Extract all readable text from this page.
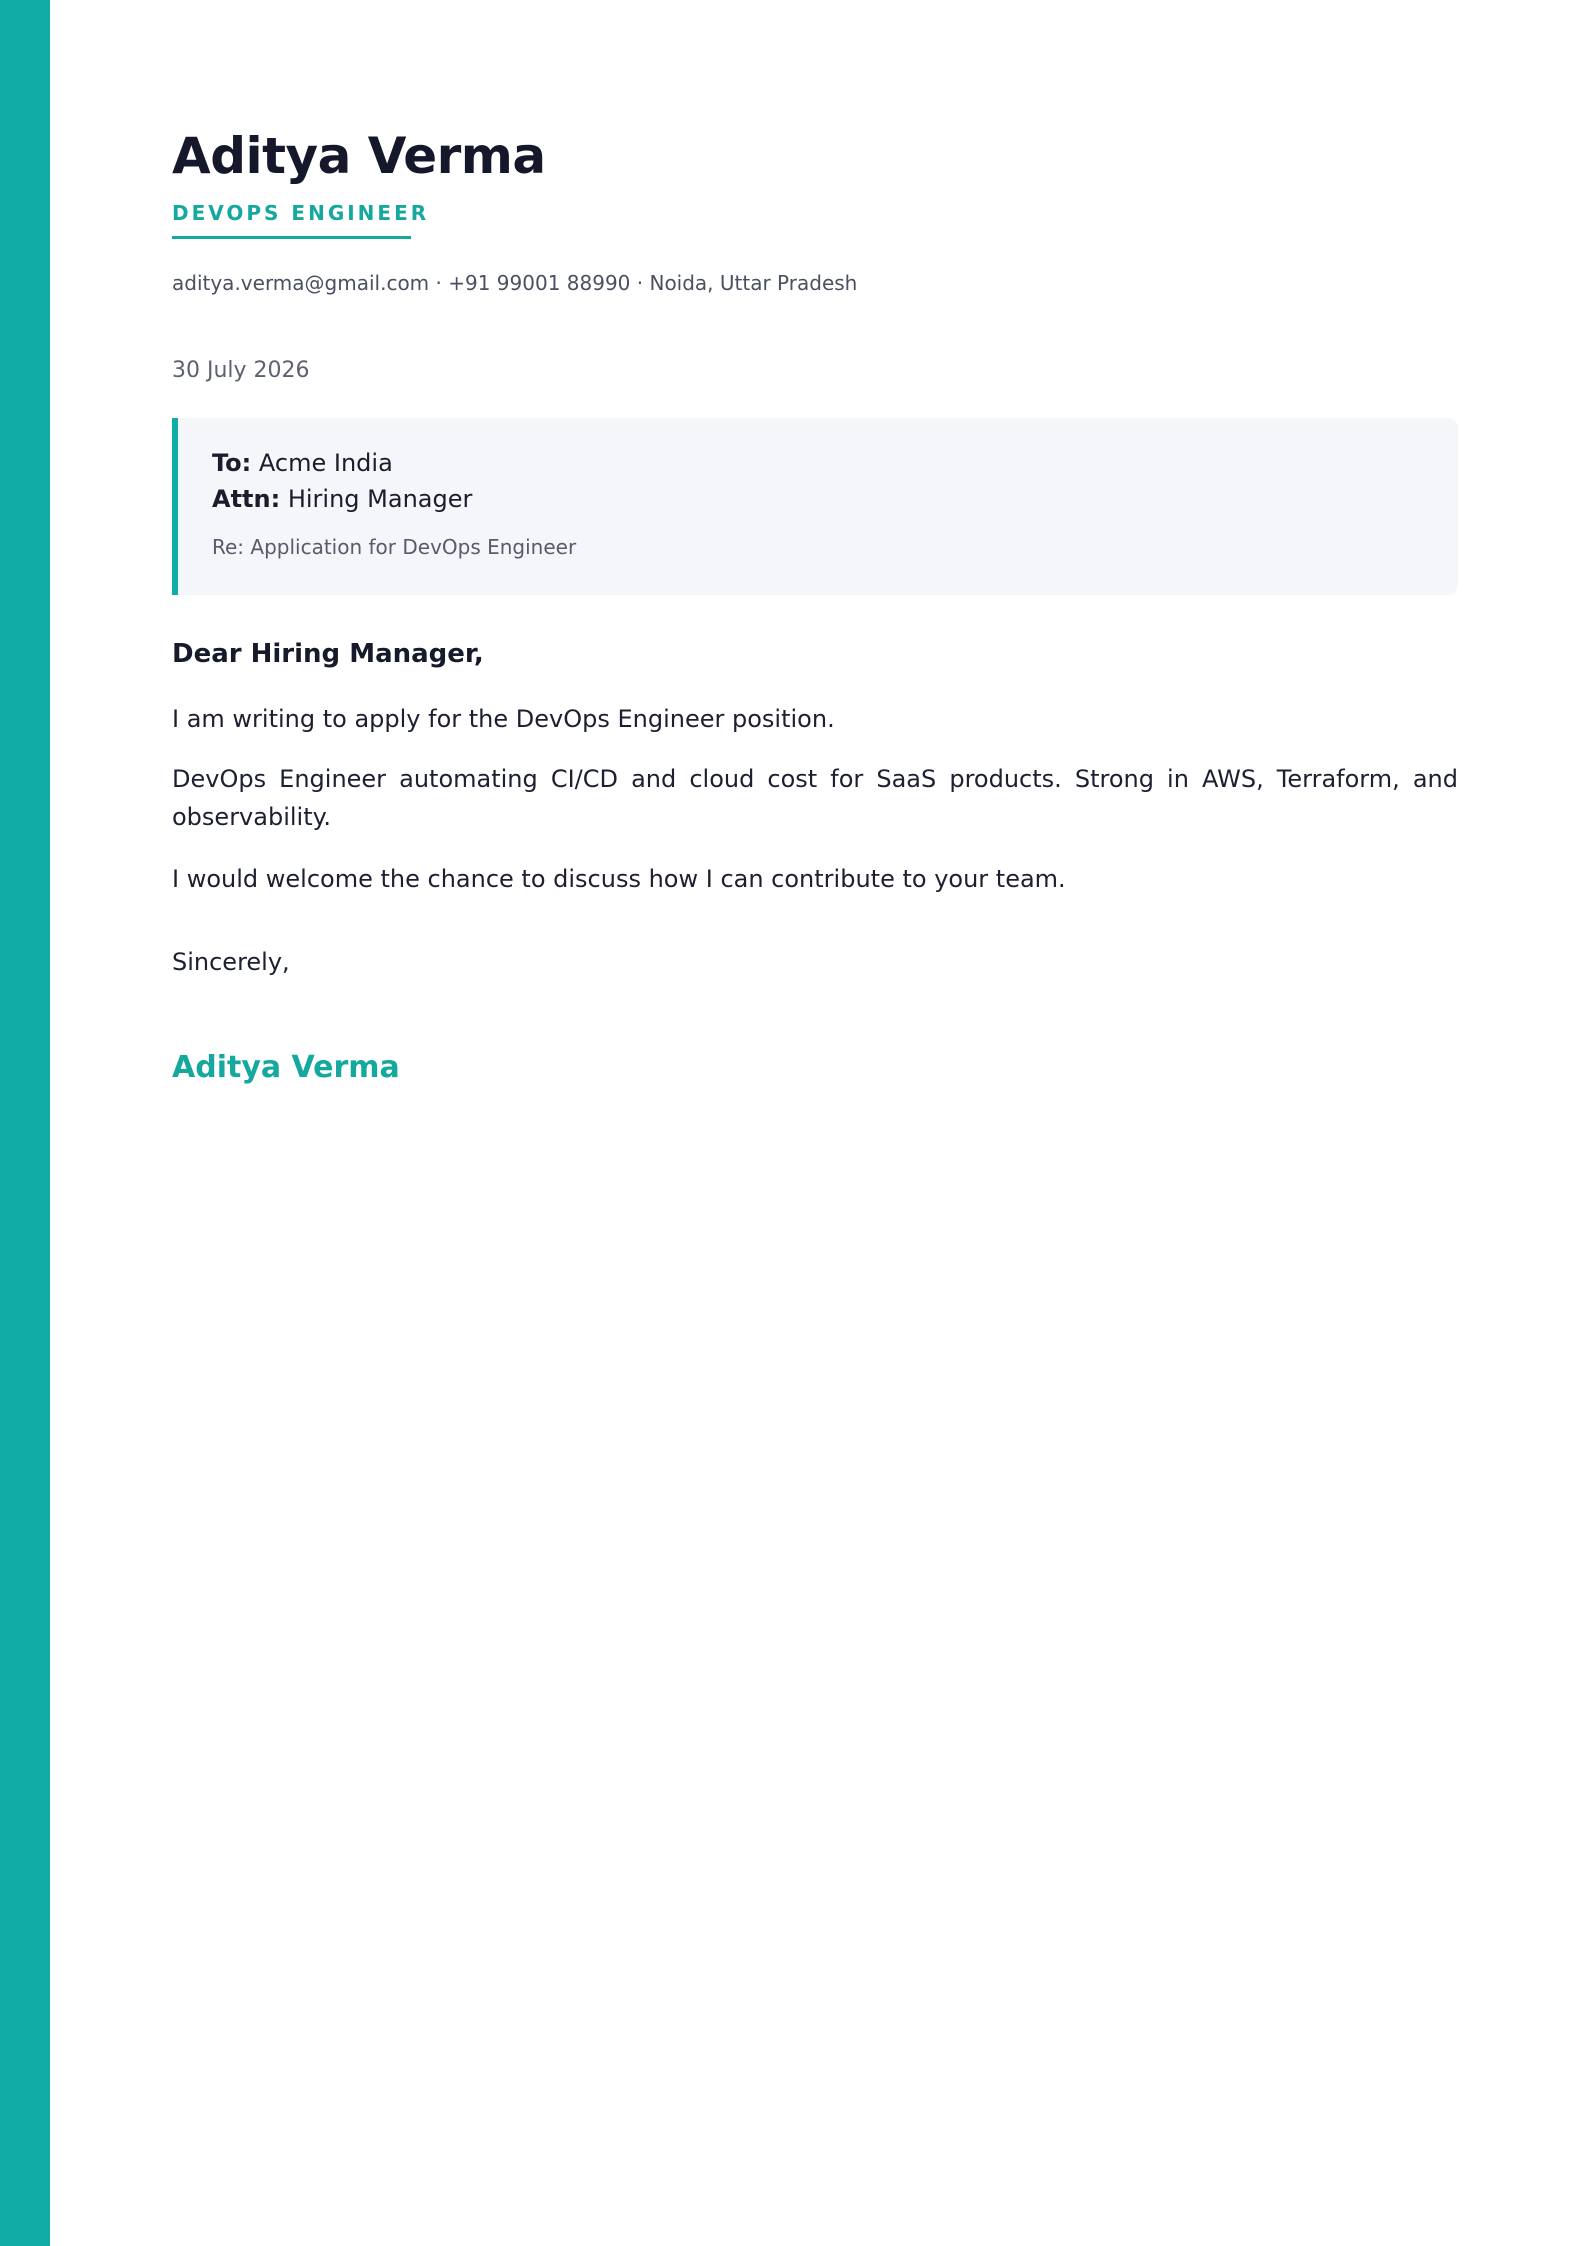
Aditya Verma
DEVOPS ENGINEER
aditya.verma@gmail.com · +91 99001 88990 · Noida, Uttar Pradesh
30 July 2026
To: Acme India
Attn: Hiring Manager
Re: Application for DevOps Engineer
Dear Hiring Manager,

I am writing to apply for the DevOps Engineer position.

DevOps Engineer automating CI/CD and cloud cost for SaaS products. Strong in AWS, Terraform, and observability.

I would welcome the chance to discuss how I can contribute to your team.

Sincerely,
Aditya Verma
